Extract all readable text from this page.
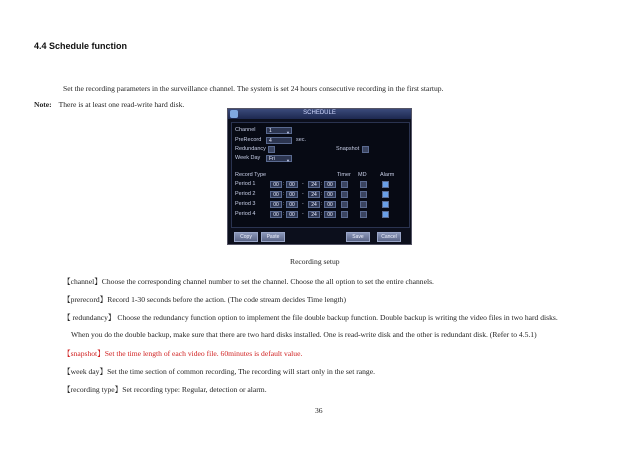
4.4 Schedule function
Set the recording parameters in the surveillance channel. The system is set 24 hours consecutive recording in the first startup.
Note: There is at least one read-write hard disk.
SCHEDULE
Channel	1	▼
PreRecord	4	sec.
Redundancy	Snapshot
Week Day	Fri	▼
Record Type	Timer MD Alarm
Period 1	00 : 00	-	24 : 00
Period 2	00 : 00	-	24 : 00
Period 3	00 : 00	-	24 : 00
Period 4	00 : 00	-	24 : 00
Copy	Paste	Save	Cancel
Recording setup
【channel】Choose the corresponding channel number to set the channel. Choose the all option to set the entire channels.
【prerecord】Record 1-30 seconds before the action. (The code stream decides Time length)
【 redundancy】 Choose the redundancy function option to implement the file double backup function. Double backup is writing the video files in two hard disks.
When you do the double backup, make sure that there are two hard disks installed. One is read-write disk and the other is redundant disk. (Refer to 4.5.1)
【snapshot】Set the time length of each video file. 60minutes is default value.
【week day】Set the time section of common recording, The recording will start only in the set range.
【recording type】Set recording type: Regular, detection or alarm.
36
